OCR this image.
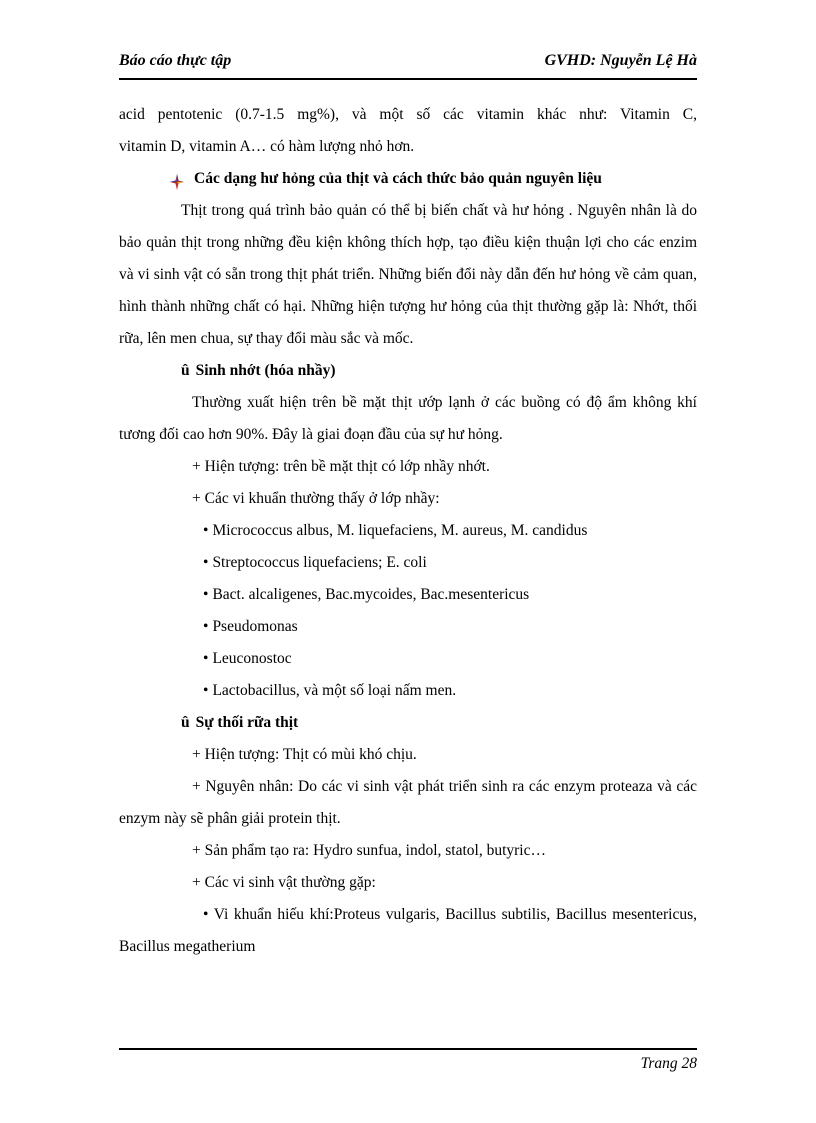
Báo cáo thực tập	GVHD: Nguyễn Lệ Hà

acid pentotenic (0.7-1.5 mg%), và một số các vitamin khác như: Vitamin C,

vitamin D, vitamin A… có hàm lượng nhỏ hơn.

Các dạng hư hỏng của thịt và cách thức bảo quản nguyên liệu

Thịt trong quá trình bảo quản có thể bị biến chất và hư hỏng . Nguyên nhân là do bảo quản thịt trong những đều kiện không thích hợp, tạo điều kiện thuận lợi cho các enzim và vi sinh vật có sẵn trong thịt phát triển. Những biến đổi này dẫn đến hư hỏng về cảm quan, hình thành những chất có hại. Những hiện tượng hư hỏng của thịt thường gặp là: Nhớt, thối rữa, lên men chua, sự thay đổi màu sắc và mốc.

û Sinh nhớt (hóa nhầy)

Thường xuất hiện trên bề mặt thịt ướp lạnh ở các buồng có độ ẩm không khí tương đối cao hơn 90%. Đây là giai đoạn đầu của sự hư hỏng.

+ Hiện tượng: trên bề mặt thịt có lớp nhầy nhớt.

+ Các vi khuẩn thường thấy ở lớp nhầy:

• Micrococcus albus, M. liquefaciens, M. aureus, M. candidus

• Streptococcus liquefaciens; E. coli

• Bact. alcaligenes, Bac.mycoides, Bac.mesentericus

• Pseudomonas

• Leuconostoc

• Lactobacillus, và một số loại nấm men.

û Sự thối rữa thịt

+ Hiện tượng: Thịt có mùi khó chịu.

+ Nguyên nhân: Do các vi sinh vật phát triển sinh ra các enzym proteaza và các enzym này sẽ phân giải protein thịt.

+ Sản phẩm tạo ra: Hydro sunfua, indol, statol, butyric…

+ Các vi sinh vật thường gặp:

• Vi khuẩn hiếu khí:Proteus vulgaris, Bacillus subtilis, Bacillus mesentericus, Bacillus megatherium

Trang 28
